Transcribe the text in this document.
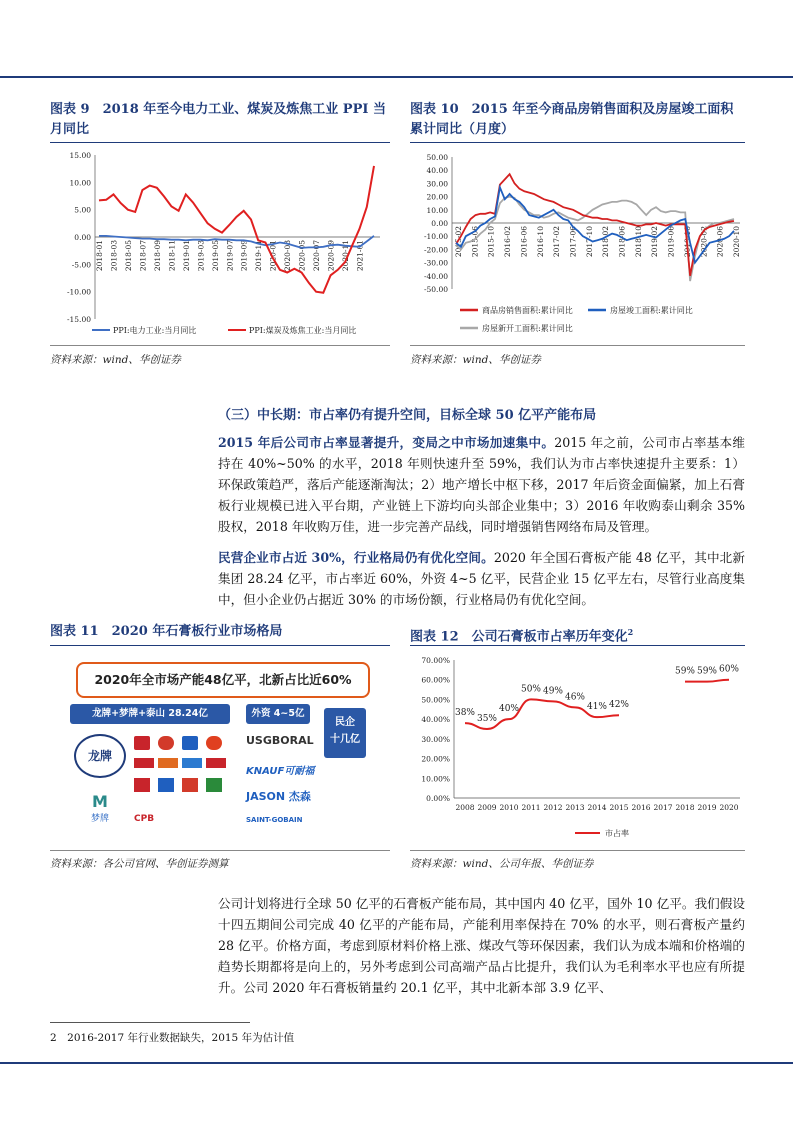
图表 9　2018 年至今电力工业、煤炭及炼焦工业 PPI 当
月同比
15.00
10.00
5.00
0.00
-5.00
-10.00
-15.00
2018-01 2018-03 2018-05 2018-07 2018-09 2018-11 2019-01 2019-03 2019-05 2019-07 2019-09 2019-11 2020-01 2020-03 2020-05 2020-07 2020-09 2020-11 2021-01
PPI:电力工业:当月同比	PPI:煤炭及炼焦工业:当月同比
资料来源：wind、华创证券
图表 10　2015 年至今商品房销售面积及房屋竣工面积
累计同比（月度）
50.00
40.00
30.00
20.00
10.00
0.00
-10.00
-20.00
-30.00
-40.00
-50.00
2015-02 2015-06 2015-10 2016-02 2016-06 2016-10 2017-02 2017-06 2017-10 2018-02 2018-06 2018-10 2019-02 2019-06 2019-10 2020-02 2020-06 2020-10
商品房销售面积:累计同比	房屋竣工面积:累计同比
房屋新开工面积:累计同比
资料来源：wind、华创证券
（三）中长期：市占率仍有提升空间，目标全球 50 亿平产能布局
2015 年后公司市占率显著提升，变局之中市场加速集中。2015 年之前，公司市占率基本维持在 40%~50% 的水平，2018 年则快速升至 59%，我们认为市占率快速提升主要系：1）环保政策趋严，落后产能逐渐淘汰；2）地产增长中枢下移，2017 年后资金面偏紧，加上石膏板行业规模已进入平台期，产业链上下游均向头部企业集中；3）2016 年收购泰山剩余 35%股权，2018 年收购万佳，进一步完善产品线，同时增强销售网络布局及管理。
民营企业市占近 30%，行业格局仍有优化空间。2020 年全国石膏板产能 48 亿平，其中北新集团 28.24 亿平，市占率近 60%，外资 4~5 亿平，民营企业 15 亿平左右，尽管行业高度集中，但小企业仍占据近 30% 的市场份额，行业格局仍有优化空间。
图表 11　2020 年石膏板行业市场格局
2020年全市场产能48亿平，北新占比近60%
龙牌+梦牌+泰山 28.24亿	外资 4~5亿
民企
十几亿
龙牌
M
梦牌	CPB
USGBORAL
KNAUF可耐福
JASON 杰森
SAINT-GOBAIN
资料来源：各公司官网、华创证券测算
图表 12　公司石膏板市占率历年变化$^2$
70.00%
60.00%
50.00%
40.00%
30.00%
20.00%
10.00%
0.00%
2008 2009 2010 2011 2012 2013 2014 2015 2016 2017 2018 2019 2020
38%
35%
40%
50% 49%
46%
41% 42%
59% 59% 60%
市占率
资料来源：wind、公司年报、华创证券
公司计划将进行全球 50 亿平的石膏板产能布局，其中国内 40 亿平，国外 10 亿平。我们假设十四五期间公司完成 40 亿平的产能布局，产能利用率保持在 70% 的水平，则石膏板产量约 28 亿平。价格方面，考虑到原材料价格上涨、煤改气等环保因素，我们认为成本端和价格端的趋势长期都将是向上的，另外考虑到公司高端产品占比提升，我们认为毛利率水平也应有所提升。公司 2020 年石膏板销量约 20.1 亿平，其中北新本部 3.9 亿平、
2　2016-2017 年行业数据缺失，2015 年为估计值
